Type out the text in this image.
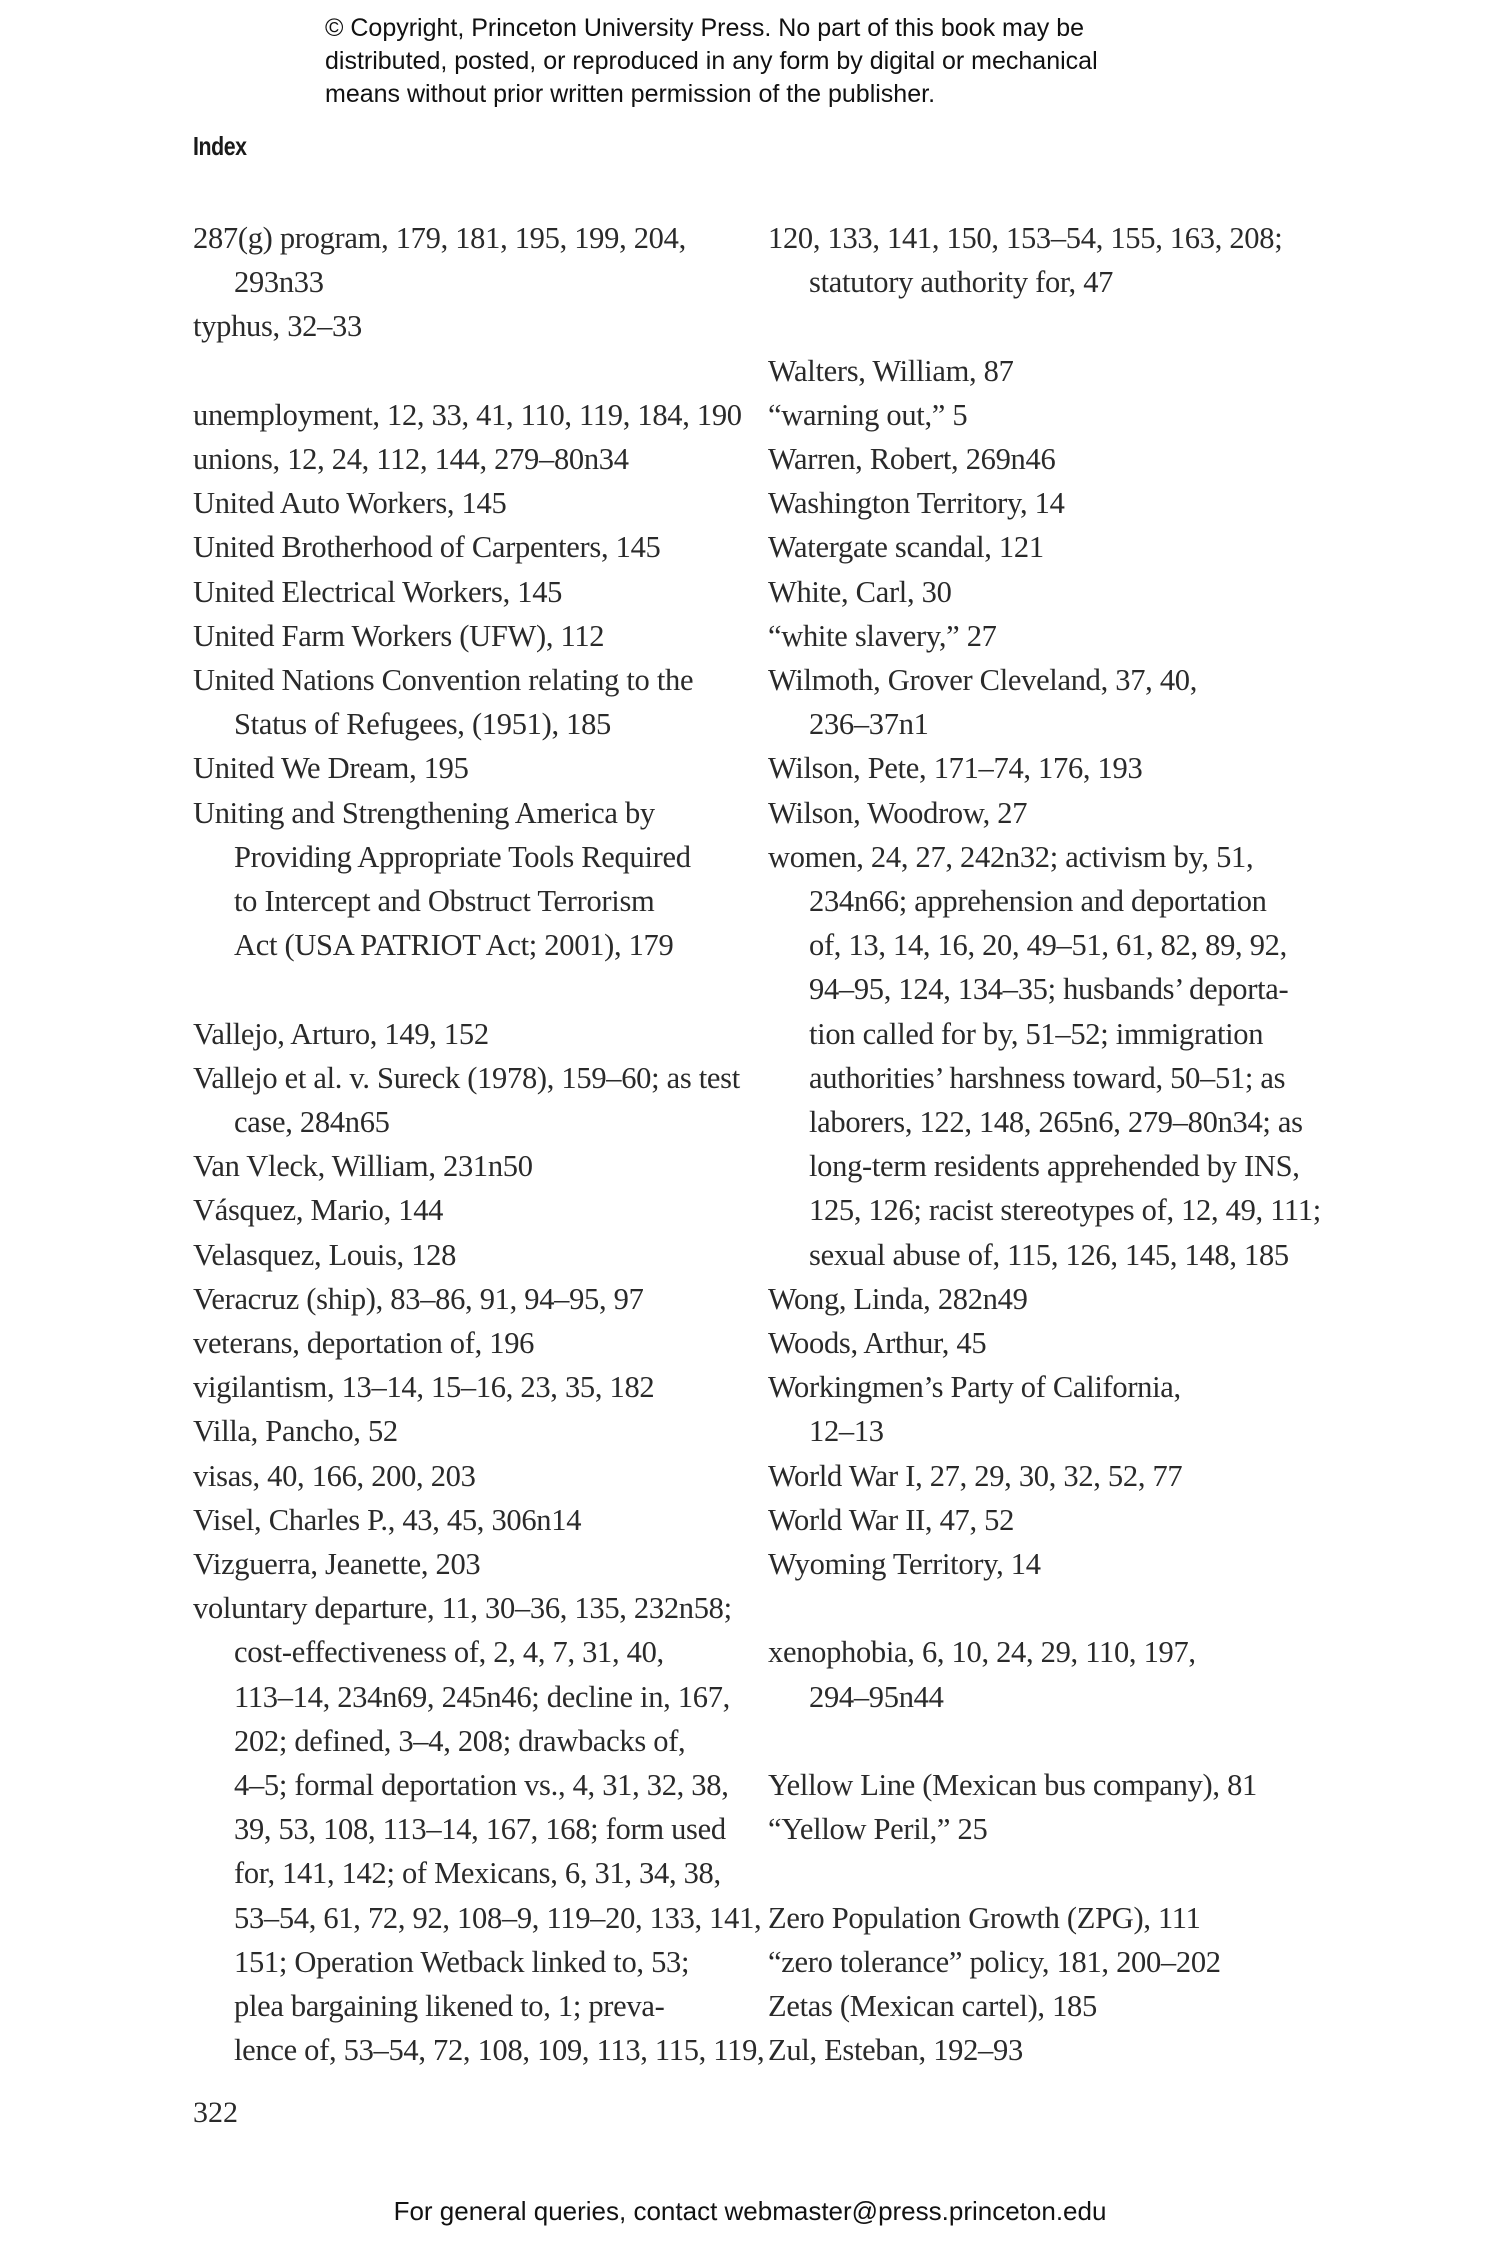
© Copyright, Princeton University Press. No part of this book may be
distributed, posted, or reproduced in any form by digital or mechanical
means without prior written permission of the publisher.
Index
287(g) program, 179, 181, 195, 199, 204,
293n33
typhus, 32–33
unemployment, 12, 33, 41, 110, 119, 184, 190
unions, 12, 24, 112, 144, 279–80n34
United Auto Workers, 145
United Brotherhood of Carpenters, 145
United Electrical Workers, 145
United Farm Workers (UFW), 112
United Nations Convention relating to the
Status of Refugees, (1951), 185
United We Dream, 195
Uniting and Strengthening America by
Providing Appropriate Tools Required
to Intercept and Obstruct Terrorism
Act (USA PATRIOT Act; 2001), 179
Vallejo, Arturo, 149, 152
Vallejo et al. v. Sureck (1978), 159–60; as test
case, 284n65
Van Vleck, William, 231n50
Vásquez, Mario, 144
Velasquez, Louis, 128
Veracruz (ship), 83–86, 91, 94–95, 97
veterans, deportation of, 196
vigilantism, 13–14, 15–16, 23, 35, 182
Villa, Pancho, 52
visas, 40, 166, 200, 203
Visel, Charles P., 43, 45, 306n14
Vizguerra, Jeanette, 203
voluntary departure, 11, 30–36, 135, 232n58;
cost-effectiveness of, 2, 4, 7, 31, 40,
113–14, 234n69, 245n46; decline in, 167,
202; defined, 3–4, 208; drawbacks of,
4–5; formal deportation vs., 4, 31, 32, 38,
39, 53, 108, 113–14, 167, 168; form used
for, 141, 142; of Mexicans, 6, 31, 34, 38,
53–54, 61, 72, 92, 108–9, 119–20, 133, 141,
151; Operation Wetback linked to, 53;
plea bargaining likened to, 1; preva-
lence of, 53–54, 72, 108, 109, 113, 115, 119,
120, 133, 141, 150, 153–54, 155, 163, 208;
statutory authority for, 47
Walters, William, 87
“warning out,” 5
Warren, Robert, 269n46
Washington Territory, 14
Watergate scandal, 121
White, Carl, 30
“white slavery,” 27
Wilmoth, Grover Cleveland, 37, 40,
236–37n1
Wilson, Pete, 171–74, 176, 193
Wilson, Woodrow, 27
women, 24, 27, 242n32; activism by, 51,
234n66; apprehension and deportation
of, 13, 14, 16, 20, 49–51, 61, 82, 89, 92,
94–95, 124, 134–35; husbands’ deporta-
tion called for by, 51–52; immigration
authorities’ harshness toward, 50–51; as
laborers, 122, 148, 265n6, 279–80n34; as
long-term residents apprehended by INS,
125, 126; racist stereotypes of, 12, 49, 111;
sexual abuse of, 115, 126, 145, 148, 185
Wong, Linda, 282n49
Woods, Arthur, 45
Workingmen’s Party of California,
12–13
World War I, 27, 29, 30, 32, 52, 77
World War II, 47, 52
Wyoming Territory, 14
xenophobia, 6, 10, 24, 29, 110, 197,
294–95n44
Yellow Line (Mexican bus company), 81
“Yellow Peril,” 25
Zero Population Growth (ZPG), 111
“zero tolerance” policy, 181, 200–202
Zetas (Mexican cartel), 185
Zul, Esteban, 192–93
322
For general queries, contact webmaster@press.princeton.edu
